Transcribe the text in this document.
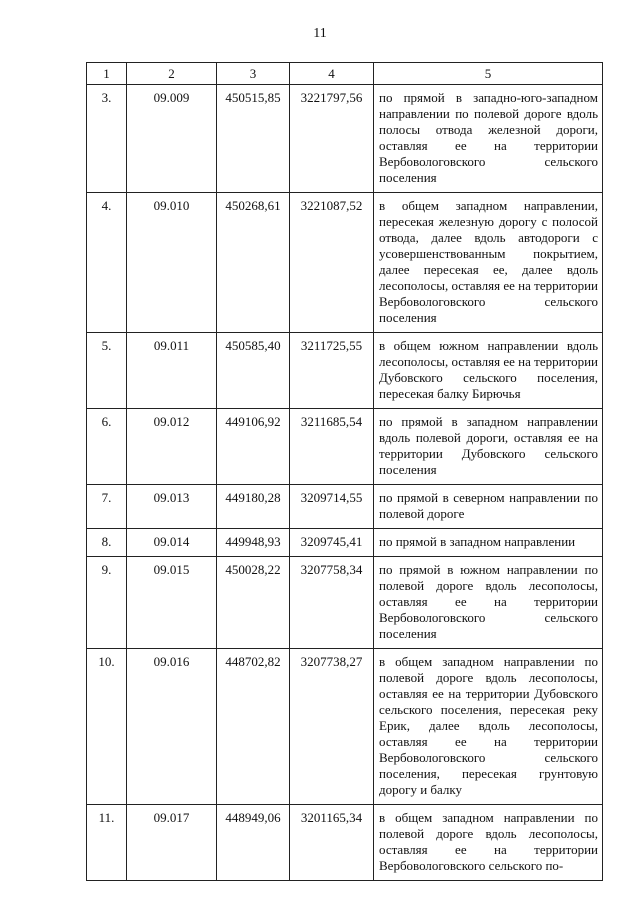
11
1	2	3	4	5
3.	09.009	450515,85	3221797,56	по прямой в западно-юго-западном направлении по полевой дороге вдоль полосы отвода железной дороги, оставляя ее на территории Вербовологовского сельского поселения
4.	09.010	450268,61	3221087,52	в общем западном направлении, пересекая железную дорогу с полосой отвода, далее вдоль автодороги с усовершенствованным покрытием, далее пересекая ее, далее вдоль лесополосы, оставляя ее на территории Вербовологовского сельского поселения
5.	09.011	450585,40	3211725,55	в общем южном направлении вдоль лесополосы, оставляя ее на территории Дубовского сельского поселения, пересекая балку Бирючья
6.	09.012	449106,92	3211685,54	по прямой в западном направлении вдоль полевой дороги, оставляя ее на территории Дубовского сельского поселения
7.	09.013	449180,28	3209714,55	по прямой в северном направлении по полевой дороге
8.	09.014	449948,93	3209745,41	по прямой в западном направлении
9.	09.015	450028,22	3207758,34	по прямой в южном направлении по полевой дороге вдоль лесополосы, оставляя ее на территории Вербовологовского сельского поселения
10.	09.016	448702,82	3207738,27	в общем западном направлении по полевой дороге вдоль лесополосы, оставляя ее на территории Дубовского сельского поселения, пересекая реку Ерик, далее вдоль лесополосы, оставляя ее на территории Вербовологовского сельского поселения, пересекая грунтовую дорогу и балку
11.	09.017	448949,06	3201165,34	в общем западном направлении по полевой дороге вдоль лесополосы, оставляя ее на территории Вербовологовского сельского по-
